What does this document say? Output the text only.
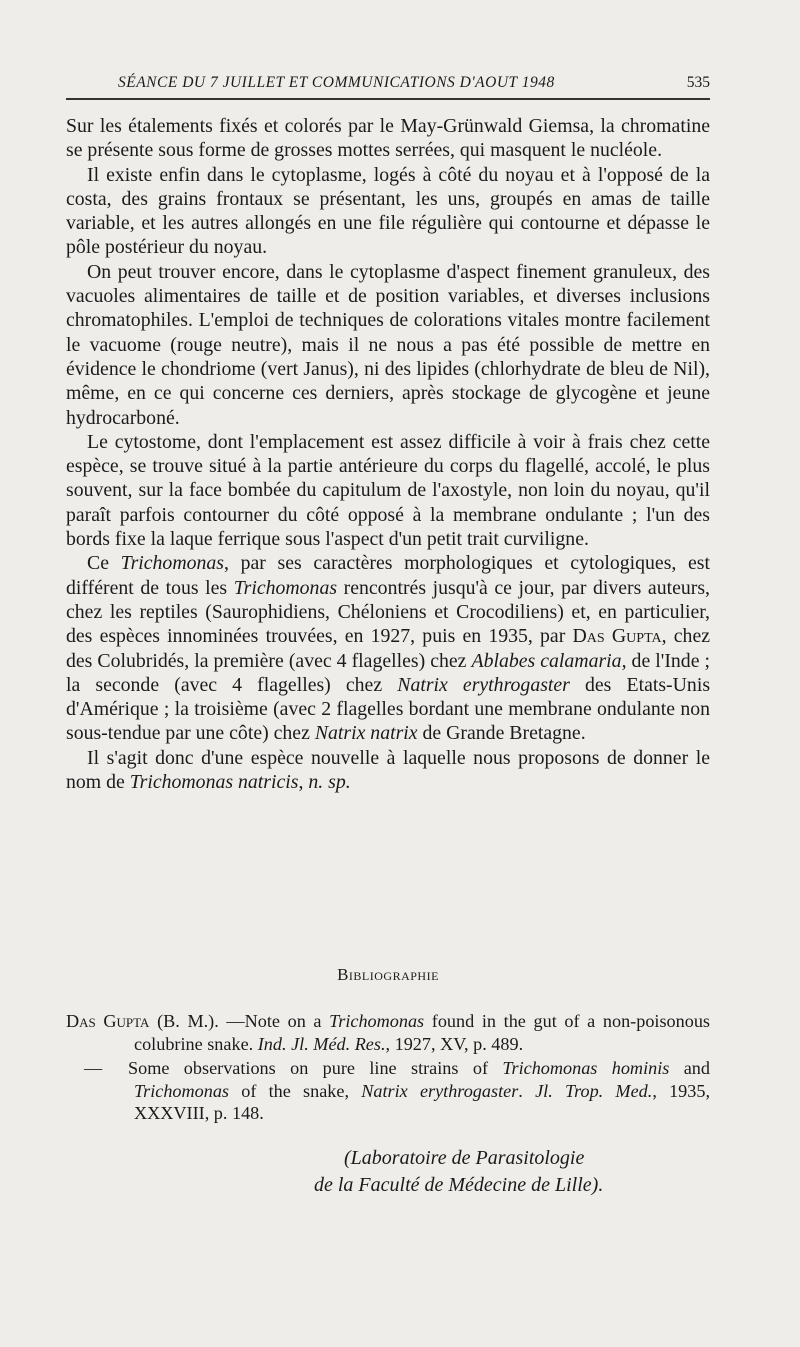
SÉANCE DU 7 JUILLET ET COMMUNICATIONS D'AOUT 1948	535

Sur les étalements fixés et colorés par le May-Grünwald Giemsa, la chromatine se présente sous forme de grosses mottes serrées, qui masquent le nucléole.

Il existe enfin dans le cytoplasme, logés à côté du noyau et à l'opposé de la costa, des grains frontaux se présentant, les uns, groupés en amas de taille variable, et les autres allongés en une file régulière qui contourne et dépasse le pôle postérieur du noyau.

On peut trouver encore, dans le cytoplasme d'aspect finement granuleux, des vacuoles alimentaires de taille et de position variables, et diverses inclusions chromatophiles. L'emploi de techniques de colorations vitales montre facilement le vacuome (rouge neutre), mais il ne nous a pas été possible de mettre en évidence le chondriome (vert Janus), ni des lipides (chlorhydrate de bleu de Nil), même, en ce qui concerne ces derniers, après stockage de glycogène et jeune hydrocarboné.

Le cytostome, dont l'emplacement est assez difficile à voir à frais chez cette espèce, se trouve situé à la partie antérieure du corps du flagellé, accolé, le plus souvent, sur la face bombée du capitulum de l'axostyle, non loin du noyau, qu'il paraît parfois contourner du côté opposé à la membrane ondulante ; l'un des bords fixe la laque ferrique sous l'aspect d'un petit trait curviligne.

Ce Trichomonas, par ses caractères morphologiques et cytologiques, est différent de tous les Trichomonas rencontrés jusqu'à ce jour, par divers auteurs, chez les reptiles (Saurophidiens, Chéloniens et Crocodiliens) et, en particulier, des espèces innominées trouvées, en 1927, puis en 1935, par Das Gupta, chez des Colubridés, la première (avec 4 flagelles) chez Ablabes calamaria, de l'Inde ; la seconde (avec 4 flagelles) chez Natrix erythrogaster des Etats-Unis d'Amérique ; la troisième (avec 2 flagelles bordant une membrane ondulante non sous-tendue par une côte) chez Natrix natrix de Grande Bretagne.

Il s'agit donc d'une espèce nouvelle à laquelle nous proposons de donner le nom de Trichomonas natricis, n. sp.

Bibliographie

Das Gupta (B. M.). —Note on a Trichomonas found in the gut of a non-poisonous colubrine snake. Ind. Jl. Méd. Res., 1927, XV, p. 489.

— Some observations on pure line strains of Trichomonas hominis and Trichomonas of the snake, Natrix erythrogaster. Jl. Trop. Med., 1935, XXXVIII, p. 148.

(Laboratoire de Parasitologie
de la Faculté de Médecine de Lille).
